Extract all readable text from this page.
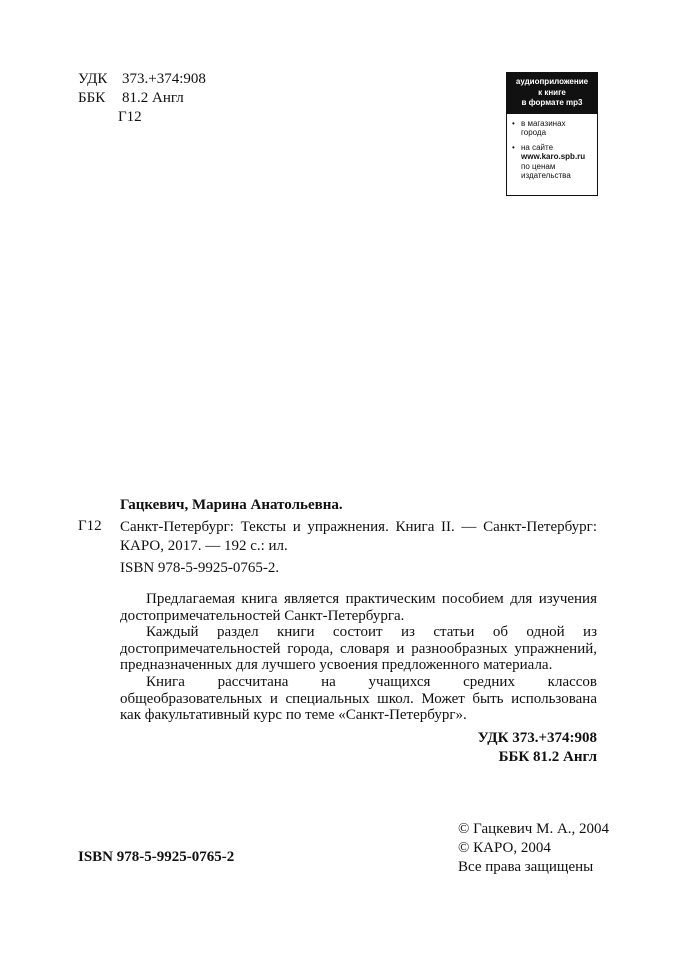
УДК 373.+374:908
ББК	81.2 Англ
Г12
аудиоприложение
к книге
в формате mp3
• в магазинах
города
• на сайте
www.karo.spb.ru
по ценам
издательства
Гацкевич, Марина Анатольевна.
Г12 Санкт-Петербург: Тексты и упражнения. Книга II. — Санкт-Петербург: КАРО, 2017. — 192 с.: ил.
ISBN 978-5-9925-0765-2.

Предлагаемая книга является практическим пособием для изучения достопримечательностей Санкт-Петербурга.

Каждый раздел книги состоит из статьи об одной из достопримечательностей города, словаря и разнообразных упражнений, предназначенных для лучшего усвоения предложенного материала.

Книга рассчитана на учащихся средних классов общеобразовательных и специальных школ. Может быть использована как факультативный курс по теме «Санкт-Петербург».

УДК 373.+374:908
ББК 81.2 Англ
© Гацкевич М. А., 2004
© КАРО, 2004
Все права защищены
ISBN 978-5-9925-0765-2
